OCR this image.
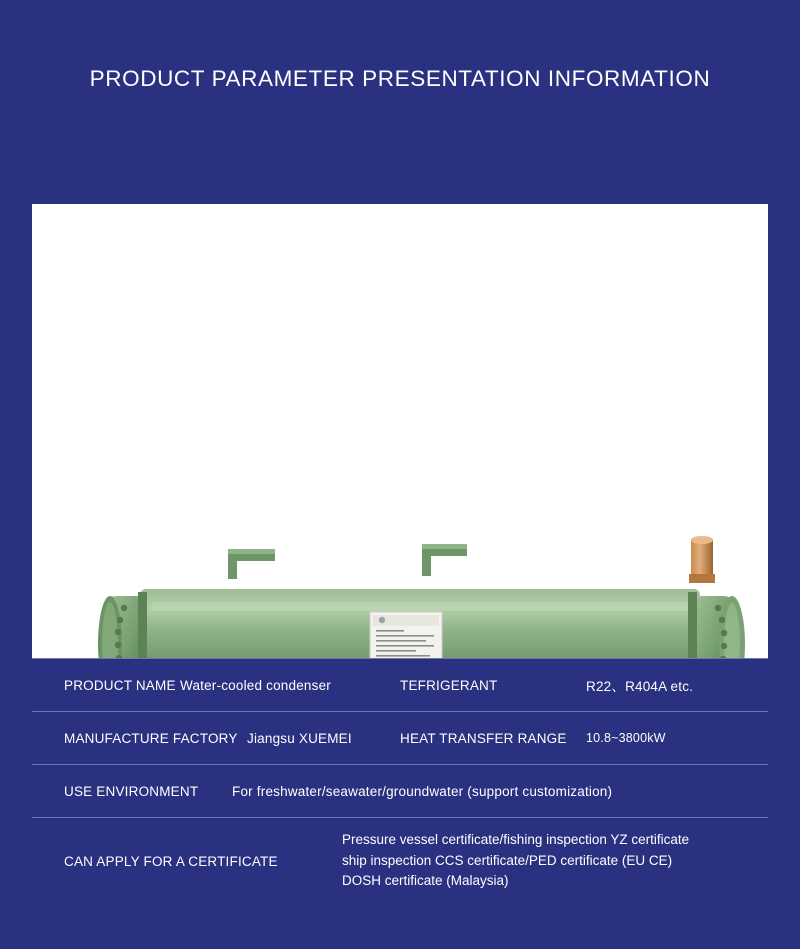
PRODUCT PARAMETER PRESENTATION INFORMATION
PRODUCT NAME Water-cooled condenser	TEFRIGERANT	R22、R404A etc.
MANUFACTURE FACTORY Jiangsu XUEMEI	HEAT TRANSFER RANGE	10.8~3800kW
USE ENVIRONMENT	For freshwater/seawater/groundwater (support customization)
CAN APPLY FOR A CERTIFICATE
Pressure vessel certificate/fishing inspection YZ certificate
ship inspection CCS certificate/PED certificate (EU CE)
DOSH certificate (Malaysia)
